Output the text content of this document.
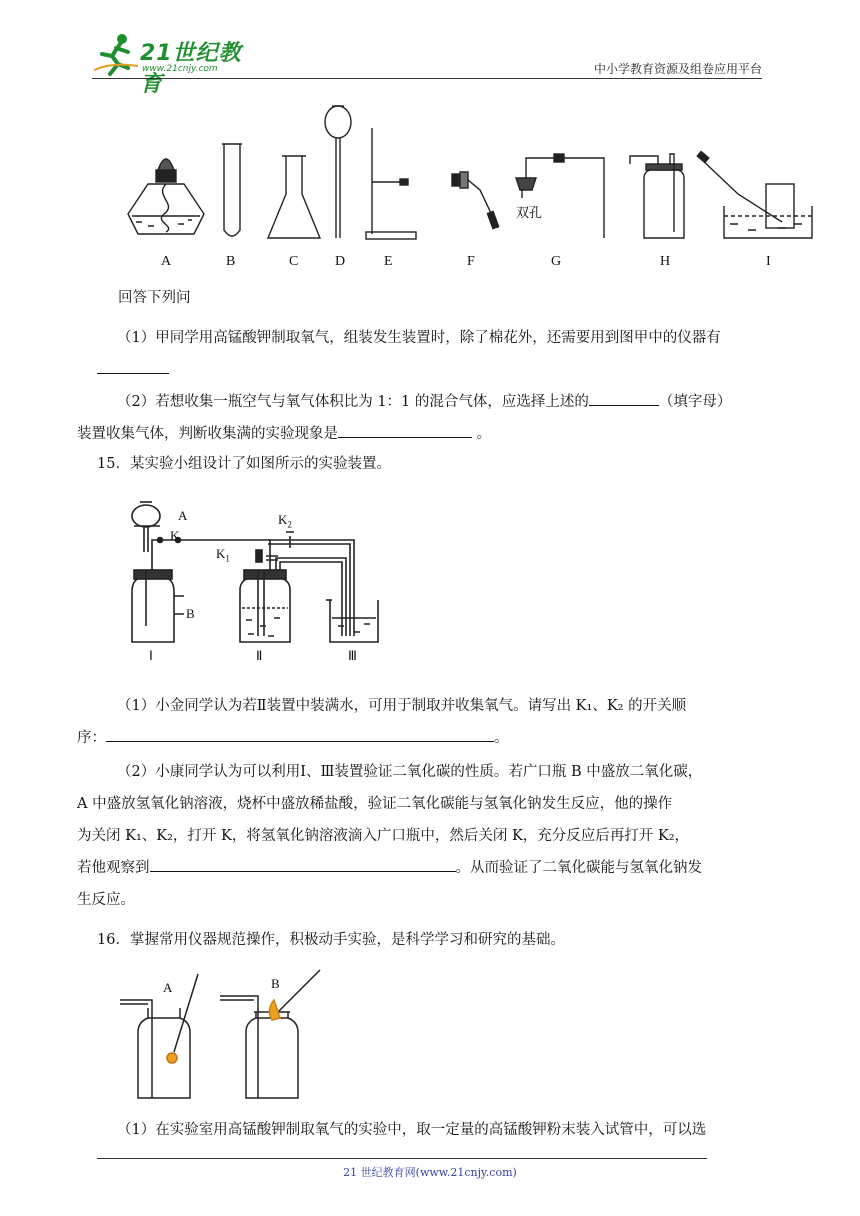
21世纪教育
www.21cnjy.com	中小学教育资源及组卷应用平台
A	B	C	D	E	F	G	H	I
双孔
回答下列问
（1）甲同学用高锰酸钾制取氧气，组装发生装置时，除了棉花外，还需要用到图甲中的仪器有
（2）若想收集一瓶空气与氧气体积比为 1：1 的混合气体，应选择上述的	（填字母）
装置收集气体，判断收集满的实验现象是	。
15．某实验小组设计了如图所示的实验装置。
A
K
$K_1$
$K_2$
B
Ⅰ	Ⅱ	Ⅲ
（1）小金同学认为若Ⅱ装置中装满水，可用于制取并收集氧气。请写出 K₁、K₂ 的开关顺
序：	。
（2）小康同学认为可以利用Ⅰ、Ⅲ装置验证二氧化碳的性质。若广口瓶 B 中盛放二氧化碳，
A 中盛放氢氧化钠溶液，烧杯中盛放稀盐酸，验证二氧化碳能与氢氧化钠发生反应，他的操作
为关闭 K₁、K₂，打开 K，将氢氧化钠溶液滴入广口瓶中，然后关闭 K，充分反应后再打开 K₂，
若他观察到	。从而验证了二氧化碳能与氢氧化钠发
生反应。
16．掌握常用仪器规范操作，积极动手实验，是科学学习和研究的基础。
A	B
（1）在实验室用高锰酸钾制取氧气的实验中，取一定量的高锰酸钾粉末装入试管中，可以选
21 世纪教育网(www.21cnjy.com)
